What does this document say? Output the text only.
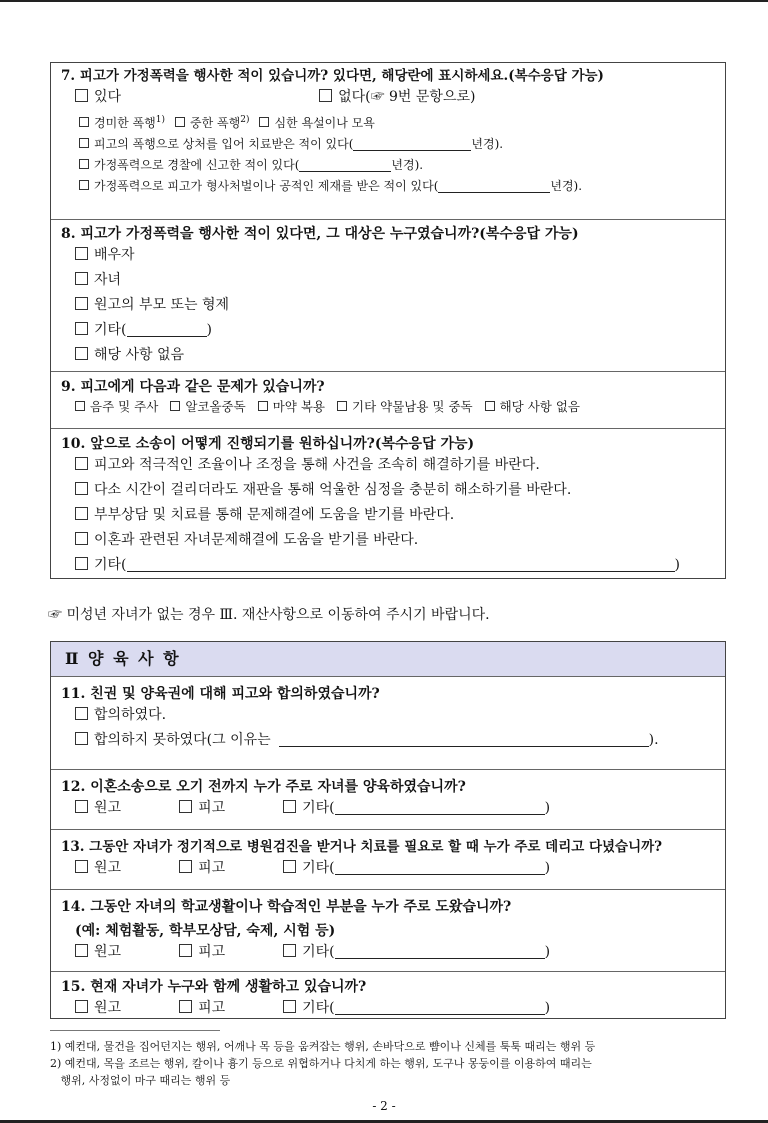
7. 피고가 가정폭력을 행사한 적이 있습니까? 있다면, 해당란에 표시하세요.(복수응답 가능)
있다	없다(☞ 9번 문항으로)
경미한 폭행$^{1)}$ 중한 폭행$^{2)}$ 심한 욕설이나 모욕
피고의 폭행으로 상처를 입어 치료받은 적이 있다(	년경).
가정폭력으로 경찰에 신고한 적이 있다(	년경).
가정폭력으로 피고가 형사처벌이나 공적인 제재를 받은 적이 있다(	년경).
8. 피고가 가정폭력을 행사한 적이 있다면, 그 대상은 누구였습니까?(복수응답 가능)
배우자
자녀
원고의 부모 또는 형제
기타(	)
해당 사항 없음
9. 피고에게 다음과 같은 문제가 있습니까?
음주 및 주사 알코올중독 마약 복용 기타 약물남용 및 중독 해당 사항 없음
10. 앞으로 소송이 어떻게 진행되기를 원하십니까?(복수응답 가능)
피고와 적극적인 조율이나 조정을 통해 사건을 조속히 해결하기를 바란다.
다소 시간이 걸리더라도 재판을 통해 억울한 심정을 충분히 해소하기를 바란다.
부부상담 및 치료를 통해 문제해결에 도움을 받기를 바란다.
이혼과 관련된 자녀문제해결에 도움을 받기를 바란다.
기타(	)
☞ 미성년 자녀가 없는 경우 Ⅲ. 재산사항으로 이동하여 주시기 바랍니다.
Ⅱ 양 육 사 항
11. 친권 및 양육권에 대해 피고와 합의하였습니까?
합의하였다.
합의하지 못하였다(그 이유는	).
12. 이혼소송으로 오기 전까지 누가 주로 자녀를 양육하였습니까?
원고	피고	기타(	)
13. 그동안 자녀가 정기적으로 병원검진을 받거나 치료를 필요로 할 때 누가 주로 데리고 다녔습니까?
원고	피고	기타(	)
14. 그동안 자녀의 학교생활이나 학습적인 부분을 누가 주로 도왔습니까?
(예: 체험활동, 학부모상담, 숙제, 시험 등)
원고	피고	기타(	)
15. 현재 자녀가 누구와 함께 생활하고 있습니까?
원고	피고	기타(	)
1) 예컨대, 물건을 집어던지는 행위, 어깨나 목 등을 움켜잡는 행위, 손바닥으로 뺨이나 신체를 툭툭 때리는 행위 등
2) 예컨대, 목을 조르는 행위, 칼이나 흉기 등으로 위협하거나 다치게 하는 행위, 도구나 몽둥이를 이용하여 때리는
행위, 사정없이 마구 때리는 행위 등
- 2 -
